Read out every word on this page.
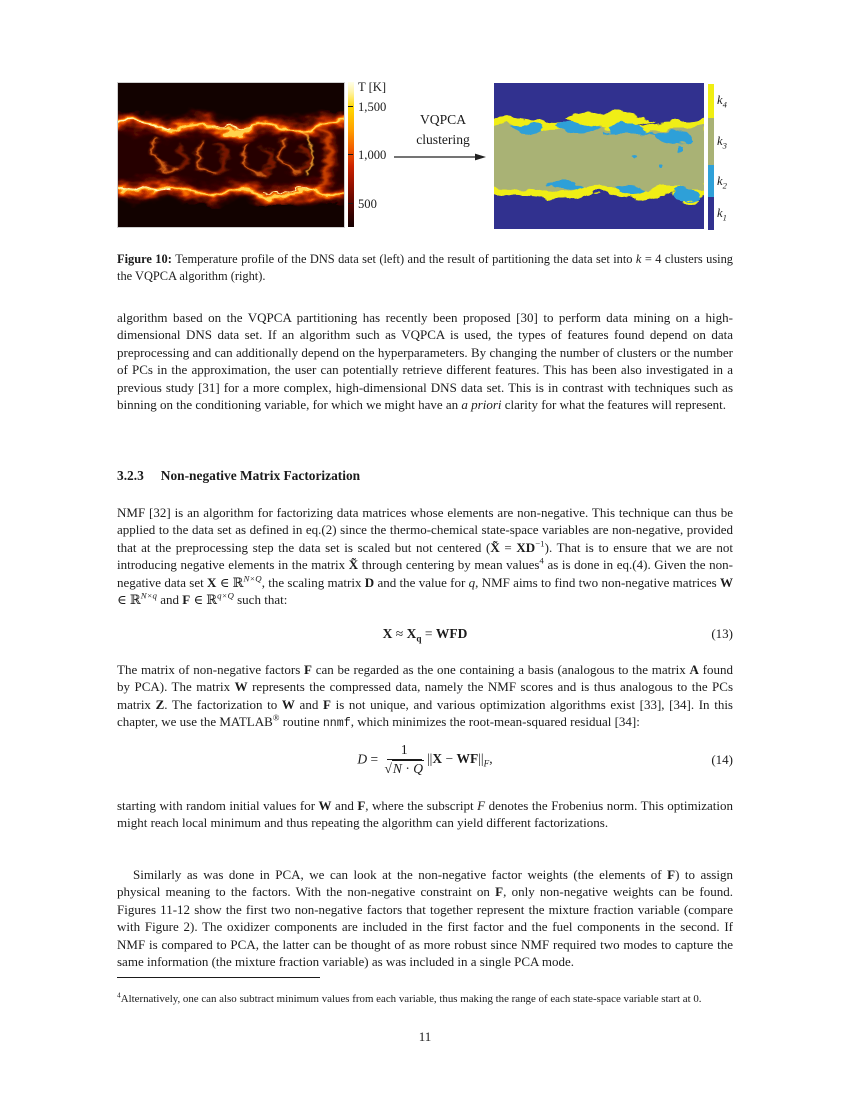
T [K]
1,500
1,000
500
VQPCA
clustering
$k_4$
$k_3$
$k_2$
$k_1$

Figure 10: Temperature profile of the DNS data set (left) and the result of partitioning the data set into k = 4 clusters using the VQPCA algorithm (right).

algorithm based on the VQPCA partitioning has recently been proposed [30] to perform data mining on a high-dimensional DNS data set. If an algorithm such as VQPCA is used, the types of features found depend on data preprocessing and can additionally depend on the hyperparameters. By changing the number of clusters or the number of PCs in the approximation, the user can potentially retrieve different features. This has been also investigated in a previous study [31] for a more complex, high-dimensional DNS data set. This is in contrast with techniques such as binning on the conditioning variable, for which we might have an a priori clarity for what the features will represent.

3.2.3 Non-negative Matrix Factorization

NMF [32] is an algorithm for factorizing data matrices whose elements are non-negative. This technique can thus be applied to the data set as defined in eq.(2) since the thermo-chemical state-space variables are non-negative, provided that at the preprocessing step the data set is scaled but not centered (X̃ = $XD^{-1}$). That is to ensure that we are not introducing negative elements in the matrix X̃ through centering by mean values$^4$ as is done in eq.(4). Given the non-negative data set X ∈ ℝ$^{N\times Q}$, the scaling matrix D and the value for q, NMF aims to find two non-negative matrices W ∈ ℝ$^{N\times q}$ and F ∈ ℝ$^{q\times Q}$ such that:

$X \approx X_q$ = WFD	(13)

The matrix of non-negative factors F can be regarded as the one containing a basis (analogous to the matrix A found by PCA). The matrix W represents the compressed data, namely the NMF scores and is thus analogous to the PCs matrix Z. The factorization to W and F is not unique, and various optimization algorithms exist [33], [34]. In this chapter, we use the MATLAB® routine nnmf, which minimizes the root-mean-squared residual [34]:

$D = \frac{1}{√N \cdot Q} ||X - WF||_F$,	(14)

starting with random initial values for W and F, where the subscript F denotes the Frobenius norm. This optimization might reach local minimum and thus repeating the algorithm can yield different factorizations.

Similarly as was done in PCA, we can look at the non-negative factor weights (the elements of F) to assign physical meaning to the factors. With the non-negative constraint on F, only non-negative weights can be found. Figures 11-12 show the first two non-negative factors that together represent the mixture fraction variable (compare with Figure 2). The oxidizer components are included in the first factor and the fuel components in the second. If NMF is compared to PCA, the latter can be thought of as more robust since NMF required two modes to capture the same information (the mixture fraction variable) as was included in a single PCA mode.

$^4$Alternatively, one can also subtract minimum values from each variable, thus making the range of each state-space variable start at 0.

11
